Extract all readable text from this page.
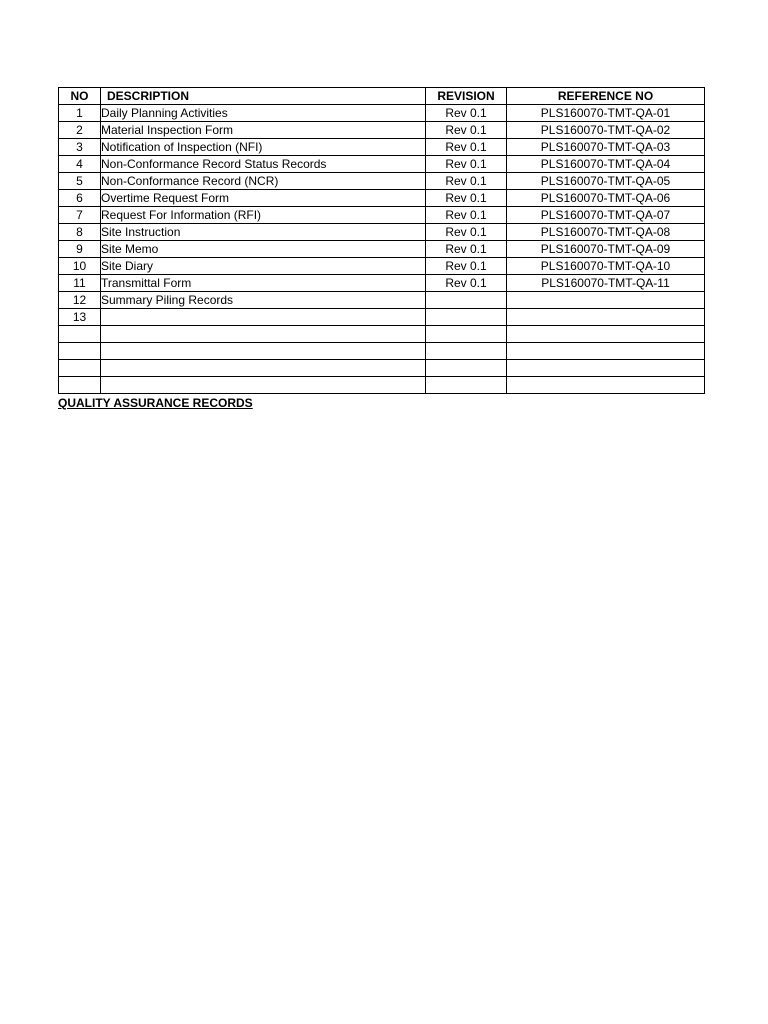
NO	DESCRIPTION	REVISION	REFERENCE NO
1	Daily Planning Activities	Rev 0.1	PLS160070-TMT-QA-01
2	Material Inspection Form	Rev 0.1	PLS160070-TMT-QA-02
3	Notification of Inspection (NFI)	Rev 0.1	PLS160070-TMT-QA-03
4	Non-Conformance Record Status Records	Rev 0.1	PLS160070-TMT-QA-04
5	Non-Conformance Record (NCR)	Rev 0.1	PLS160070-TMT-QA-05
6	Overtime Request Form	Rev 0.1	PLS160070-TMT-QA-06
7	Request For Information (RFI)	Rev 0.1	PLS160070-TMT-QA-07
8	Site Instruction	Rev 0.1	PLS160070-TMT-QA-08
9	Site Memo	Rev 0.1	PLS160070-TMT-QA-09
10	Site Diary	Rev 0.1	PLS160070-TMT-QA-10
11	Transmittal Form	Rev 0.1	PLS160070-TMT-QA-11
12	Summary Piling Records		
13			

QUALITY ASSURANCE RECORDS
